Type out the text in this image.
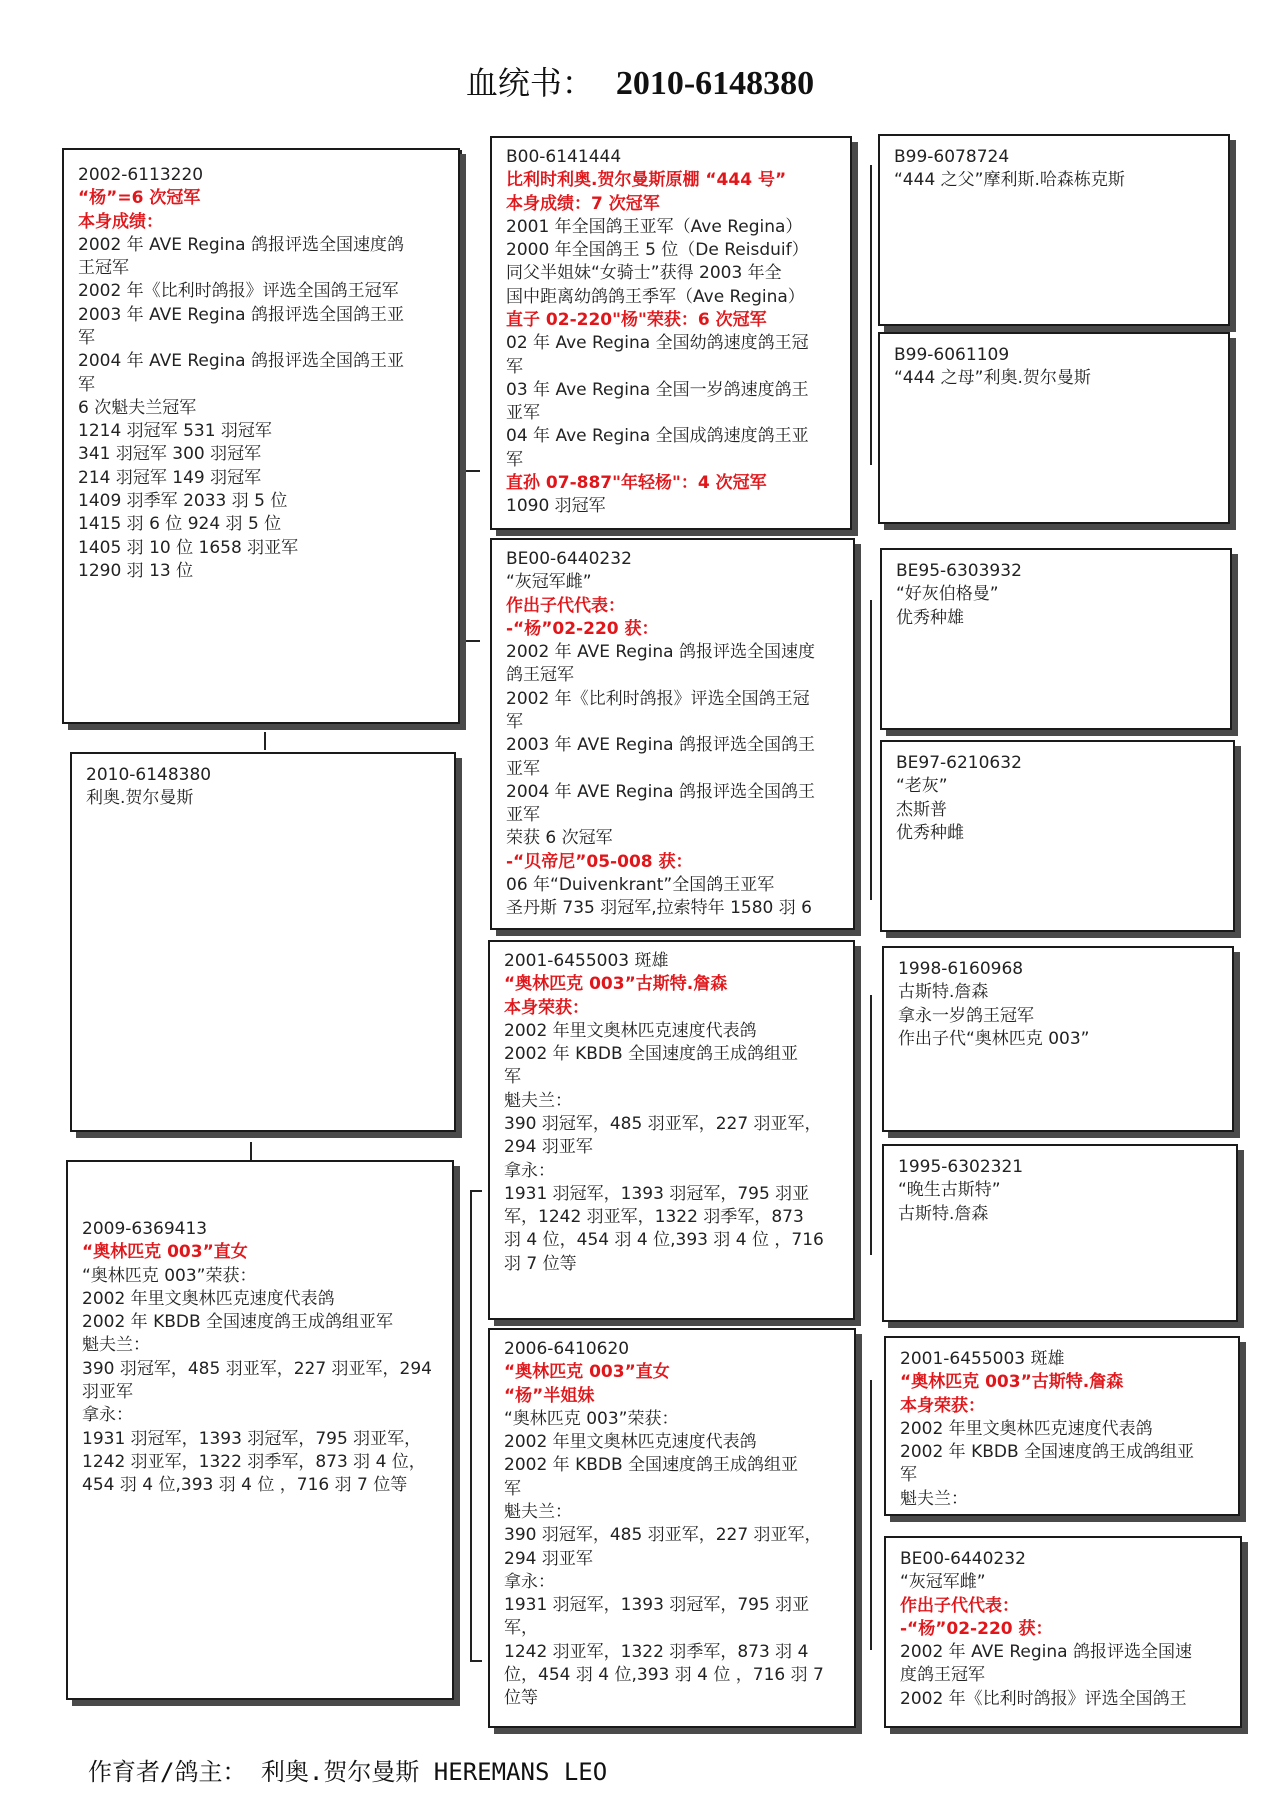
血统书： 2010-6148380
2002-6113220
“杨”=6 次冠军
本身成绩：
2002 年 AVE Regina 鸽报评选全国速度鸽
王冠军
2002 年《比利时鸽报》评选全国鸽王冠军
2003 年 AVE Regina 鸽报评选全国鸽王亚
军
2004 年 AVE Regina 鸽报评选全国鸽王亚
军
6 次魁夫兰冠军
1214 羽冠军 531 羽冠军
341 羽冠军 300 羽冠军
214 羽冠军 149 羽冠军
1409 羽季军 2033 羽 5 位
1415 羽 6 位 924 羽 5 位
1405 羽 10 位 1658 羽亚军
1290 羽 13 位
2010-6148380
利奥.贺尔曼斯
2009-6369413
“奥林匹克 003”直女
“奥林匹克 003”荣获：
2002 年里文奥林匹克速度代表鸽
2002 年 KBDB 全国速度鸽王成鸽组亚军
魁夫兰：
390 羽冠军，485 羽亚军，227 羽亚军，294
羽亚军
拿永：
1931 羽冠军，1393 羽冠军，795 羽亚军，
1242 羽亚军，1322 羽季军，873 羽 4 位，
454 羽 4 位,393 羽 4 位 ，716 羽 7 位等
B00-6141444
比利时利奥.贺尔曼斯原棚 “444 号”
本身成绩：7 次冠军
2001 年全国鸽王亚军（Ave Regina）
2000 年全国鸽王 5 位（De Reisduif）
同父半姐妹“女骑士”获得 2003 年全
国中距离幼鸽鸽王季军（Ave Regina）
直子 02-220"杨"荣获：6 次冠军
02 年 Ave Regina 全国幼鸽速度鸽王冠
军
03 年 Ave Regina 全国一岁鸽速度鸽王
亚军
04 年 Ave Regina 全国成鸽速度鸽王亚
军
直孙 07-887"年轻杨"：4 次冠军
1090 羽冠军
BE00-6440232
“灰冠军雌”
作出子代代表：
-“杨”02-220 获：
2002 年 AVE Regina 鸽报评选全国速度
鸽王冠军
2002 年《比利时鸽报》评选全国鸽王冠
军
2003 年 AVE Regina 鸽报评选全国鸽王
亚军
2004 年 AVE Regina 鸽报评选全国鸽王
亚军
荣获 6 次冠军
-“贝帝尼”05-008 获：
06 年“Duivenkrant”全国鸽王亚军
圣丹斯 735 羽冠军,拉索特年 1580 羽 6
2001-6455003 斑雄
“奥林匹克 003”古斯特.詹森
本身荣获：
2002 年里文奥林匹克速度代表鸽
2002 年 KBDB 全国速度鸽王成鸽组亚
军
魁夫兰：
390 羽冠军，485 羽亚军，227 羽亚军，
294 羽亚军
拿永：
1931 羽冠军，1393 羽冠军，795 羽亚
军，1242 羽亚军，1322 羽季军，873
羽 4 位，454 羽 4 位,393 羽 4 位 ，716
羽 7 位等
2006-6410620
“奥林匹克 003”直女
“杨”半姐妹
“奥林匹克 003”荣获：
2002 年里文奥林匹克速度代表鸽
2002 年 KBDB 全国速度鸽王成鸽组亚
军
魁夫兰：
390 羽冠军，485 羽亚军，227 羽亚军，
294 羽亚军
拿永：
1931 羽冠军，1393 羽冠军，795 羽亚军，
1242 羽亚军，1322 羽季军，873 羽 4
位，454 羽 4 位,393 羽 4 位 ，716 羽 7
位等
B99-6078724
“444 之父”摩利斯.哈森栋克斯
B99-6061109
“444 之母”利奥.贺尔曼斯
BE95-6303932
“好灰伯格曼”
优秀种雄
BE97-6210632
“老灰”
杰斯普
优秀种雌
1998-6160968
古斯特.詹森
拿永一岁鸽王冠军
作出子代“奥林匹克 003”
1995-6302321
“晚生古斯特”
古斯特.詹森
2001-6455003 斑雄
“奥林匹克 003”古斯特.詹森
本身荣获：
2002 年里文奥林匹克速度代表鸽
2002 年 KBDB 全国速度鸽王成鸽组亚
军
魁夫兰：
BE00-6440232
“灰冠军雌”
作出子代代表：
-“杨”02-220 获：
2002 年 AVE Regina 鸽报评选全国速
度鸽王冠军
2002 年《比利时鸽报》评选全国鸽王
作育者/鸽主： 利奥.贺尔曼斯 HEREMANS LEO
